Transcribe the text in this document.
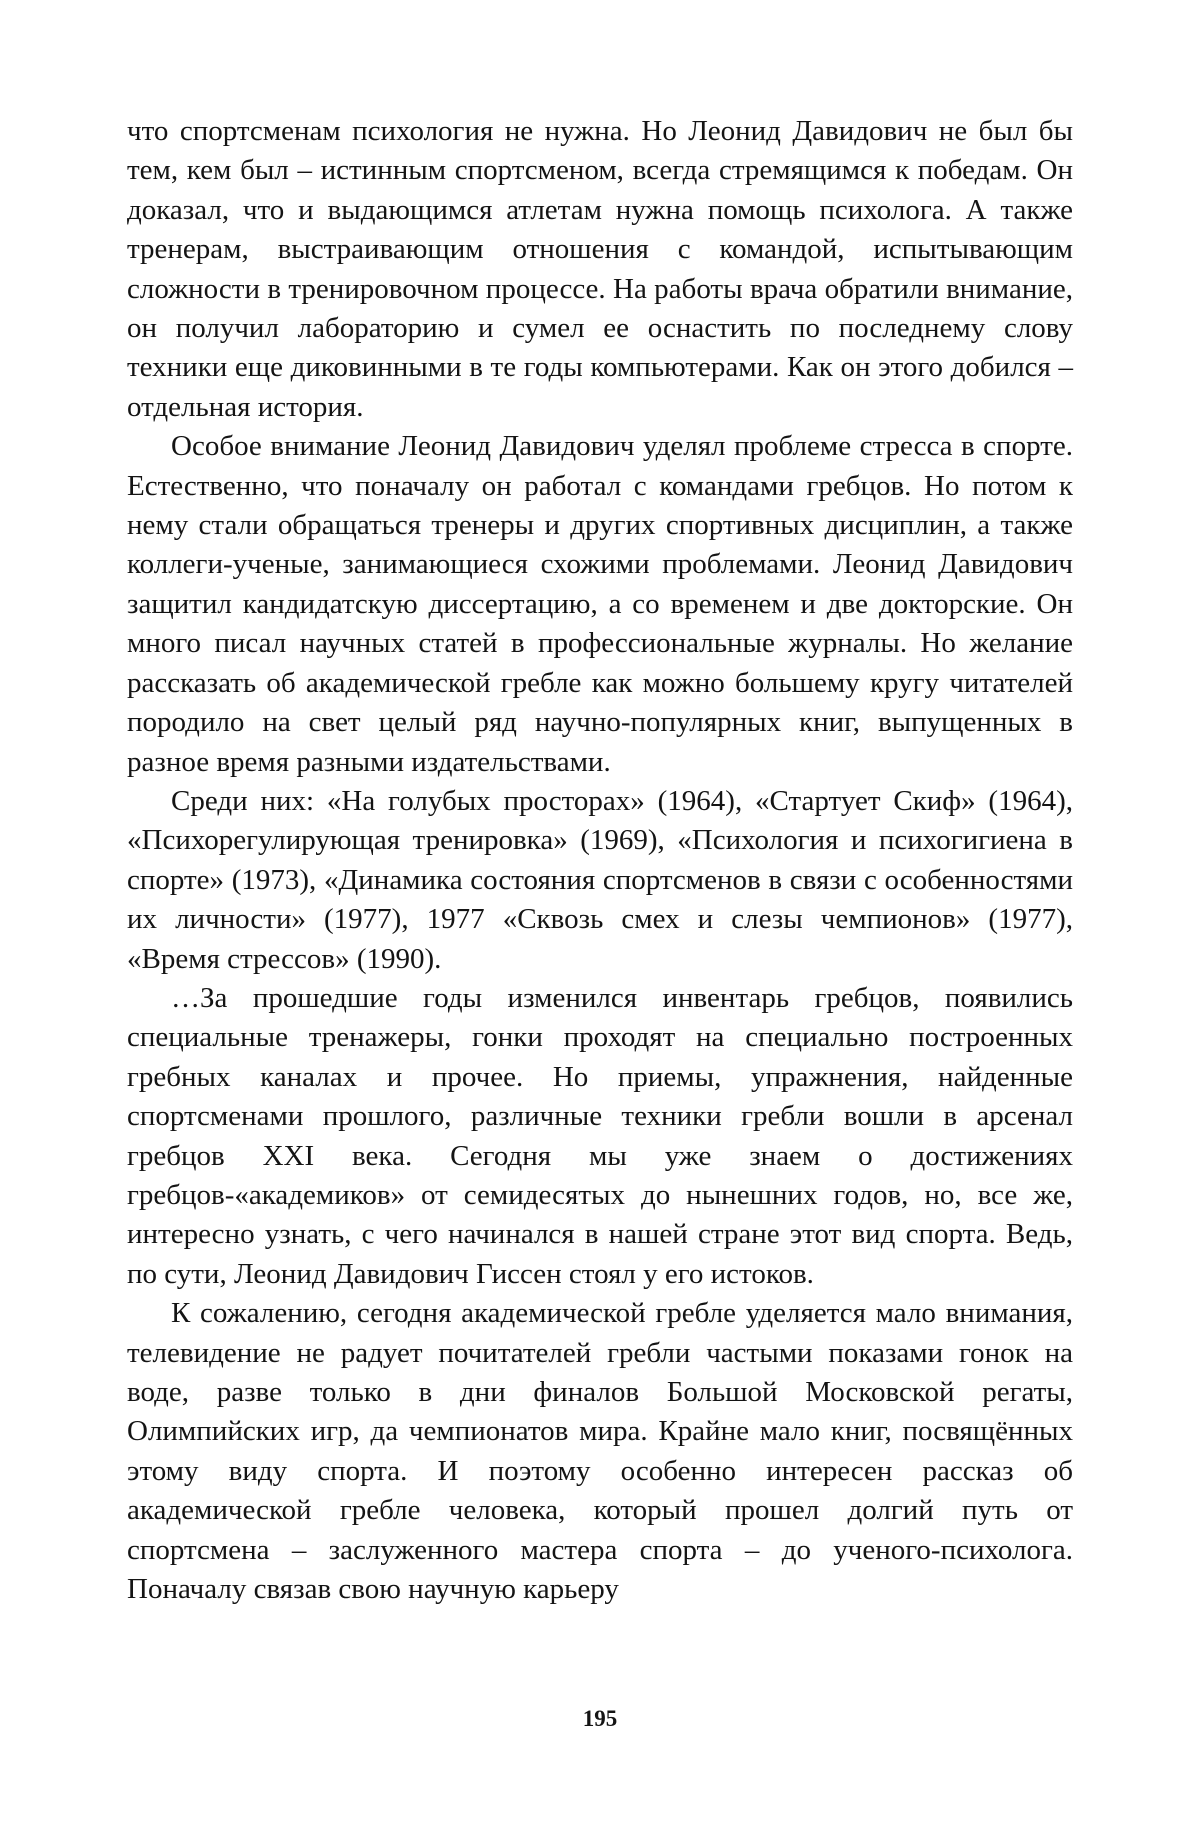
что спортсменам психология не нужна. Но Леонид Давидович не был бы тем, кем был – истинным спортсменом, всегда стремящимся к победам. Он доказал, что и выдающимся атлетам нужна помощь психолога. А также тренерам, выстраивающим отношения с командой, испытывающим сложности в тренировочном процессе. На работы врача обратили внимание, он получил лабораторию и сумел ее оснастить по последнему слову техники еще диковинными в те годы компьютерами. Как он этого добился – отдельная история.

Особое внимание Леонид Давидович уделял проблеме стресса в спорте. Естественно, что поначалу он работал с командами гребцов. Но потом к нему стали обращаться тренеры и других спортивных дисциплин, а также коллеги-ученые, занимающиеся схожими проблемами. Леонид Давидович защитил кандидатскую диссертацию, а со временем и две докторские. Он много писал научных статей в профессиональные журналы. Но желание рассказать об академической гребле как можно большему кругу читателей породило на свет целый ряд научно-популярных книг, выпущенных в разное время разными издательствами.

Среди них: «На голубых просторах» (1964), «Стартует Скиф» (1964), «Психорегулирующая тренировка» (1969), «Психология и психогигиена в спорте» (1973), «Динамика состояния спортсменов в связи с особенностями их личности» (1977), 1977 «Сквозь смех и слезы чемпионов» (1977), «Время стрессов» (1990).

…За прошедшие годы изменился инвентарь гребцов, появились специальные тренажеры, гонки проходят на специально построенных гребных каналах и прочее. Но приемы, упражнения, найденные спортсменами прошлого, различные техники гребли вошли в арсенал гребцов XXI века. Сегодня мы уже знаем о достижениях гребцов-«академиков» от семидесятых до нынешних годов, но, все же, интересно узнать, с чего начинался в нашей стране этот вид спорта. Ведь, по сути, Леонид Давидович Гиссен стоял у его истоков.

К сожалению, сегодня академической гребле уделяется мало внимания, телевидение не радует почитателей гребли частыми показами гонок на воде, разве только в дни финалов Большой Московской регаты, Олимпийских игр, да чемпионатов мира. Крайне мало книг, посвящённых этому виду спорта. И поэтому особенно интересен рассказ об академической гребле человека, который прошел долгий путь от спортсмена – заслуженного мастера спорта – до ученого-психолога. Поначалу связав свою научную карьеру

195
